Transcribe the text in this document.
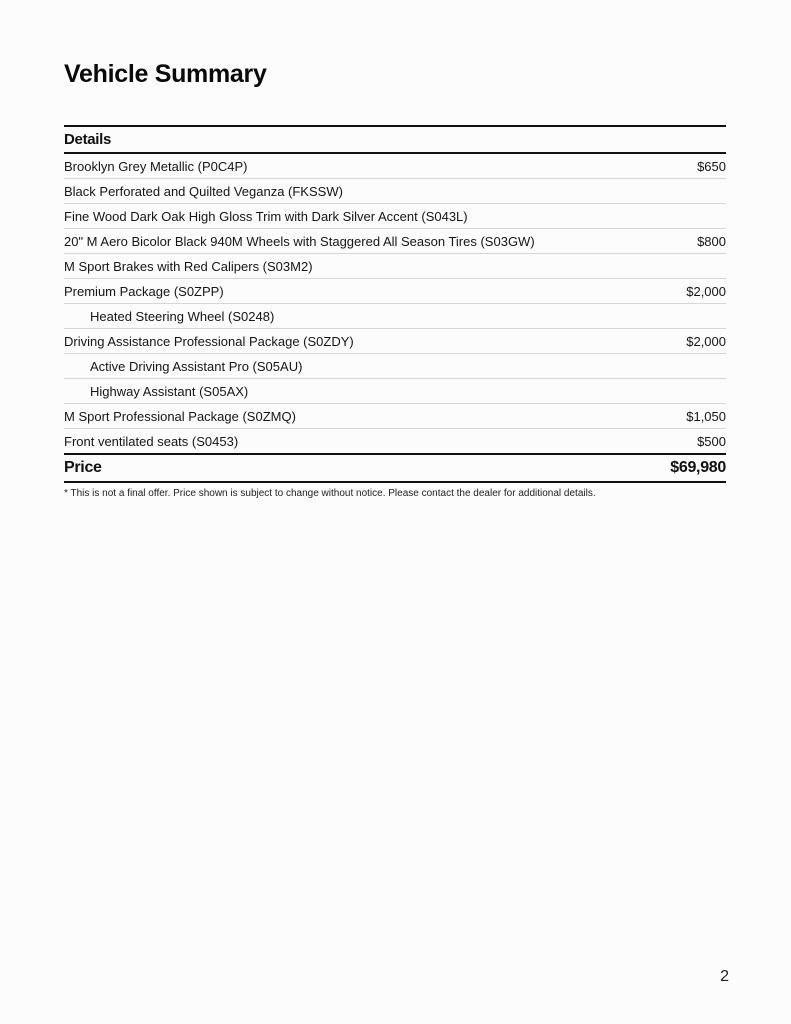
Vehicle Summary
Details
Brooklyn Grey Metallic (P0C4P)	$650
Black Perforated and Quilted Veganza (FKSSW)
Fine Wood Dark Oak High Gloss Trim with Dark Silver Accent (S043L)
20" M Aero Bicolor Black 940M Wheels with Staggered All Season Tires (S03GW)	$800
M Sport Brakes with Red Calipers (S03M2)
Premium Package (S0ZPP)	$2,000
Heated Steering Wheel (S0248)
Driving Assistance Professional Package (S0ZDY)	$2,000
Active Driving Assistant Pro (S05AU)
Highway Assistant (S05AX)
M Sport Professional Package (S0ZMQ)	$1,050
Front ventilated seats (S0453)	$500
Price	$69,980
* This is not a final offer. Price shown is subject to change without notice. Please contact the dealer for additional details.
2
